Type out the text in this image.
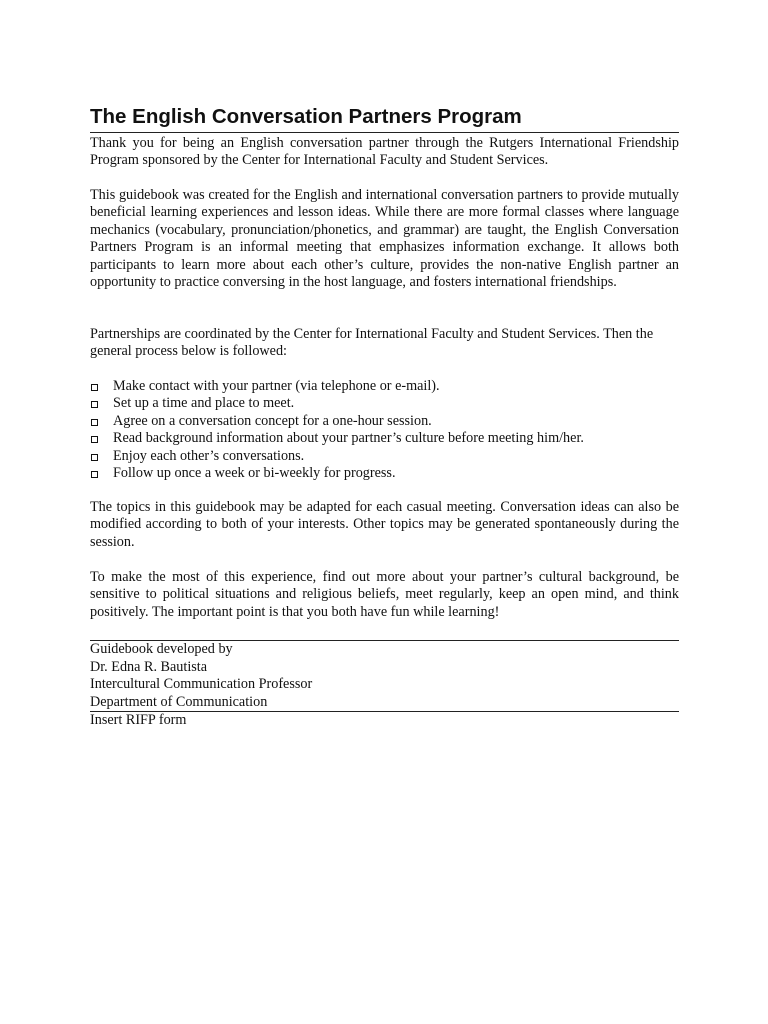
The English Conversation Partners Program

Thank you for being an English conversation partner through the Rutgers International Friendship Program sponsored by the Center for International Faculty and Student Services.

This guidebook was created for the English and international conversation partners to provide mutually beneficial learning experiences and lesson ideas. While there are more formal classes where language mechanics (vocabulary, pronunciation/phonetics, and grammar) are taught, the English Conversation Partners Program is an informal meeting that emphasizes information exchange. It allows both participants to learn more about each other’s culture, provides the non-native English partner an opportunity to practice conversing in the host language, and fosters international friendships.

Partnerships are coordinated by the Center for International Faculty and Student Services. Then the general process below is followed:

Make contact with your partner (via telephone or e-mail).
Set up a time and place to meet.
Agree on a conversation concept for a one-hour session.
Read background information about your partner’s culture before meeting him/her.
Enjoy each other’s conversations.
Follow up once a week or bi-weekly for progress.

The topics in this guidebook may be adapted for each casual meeting. Conversation ideas can also be modified according to both of your interests. Other topics may be generated spontaneously during the session.

To make the most of this experience, find out more about your partner’s cultural background, be sensitive to political situations and religious beliefs, meet regularly, keep an open mind, and think positively. The important point is that you both have fun while learning!

Guidebook developed by
Dr. Edna R. Bautista
Intercultural Communication Professor
Department of Communication
Insert RIFP form
